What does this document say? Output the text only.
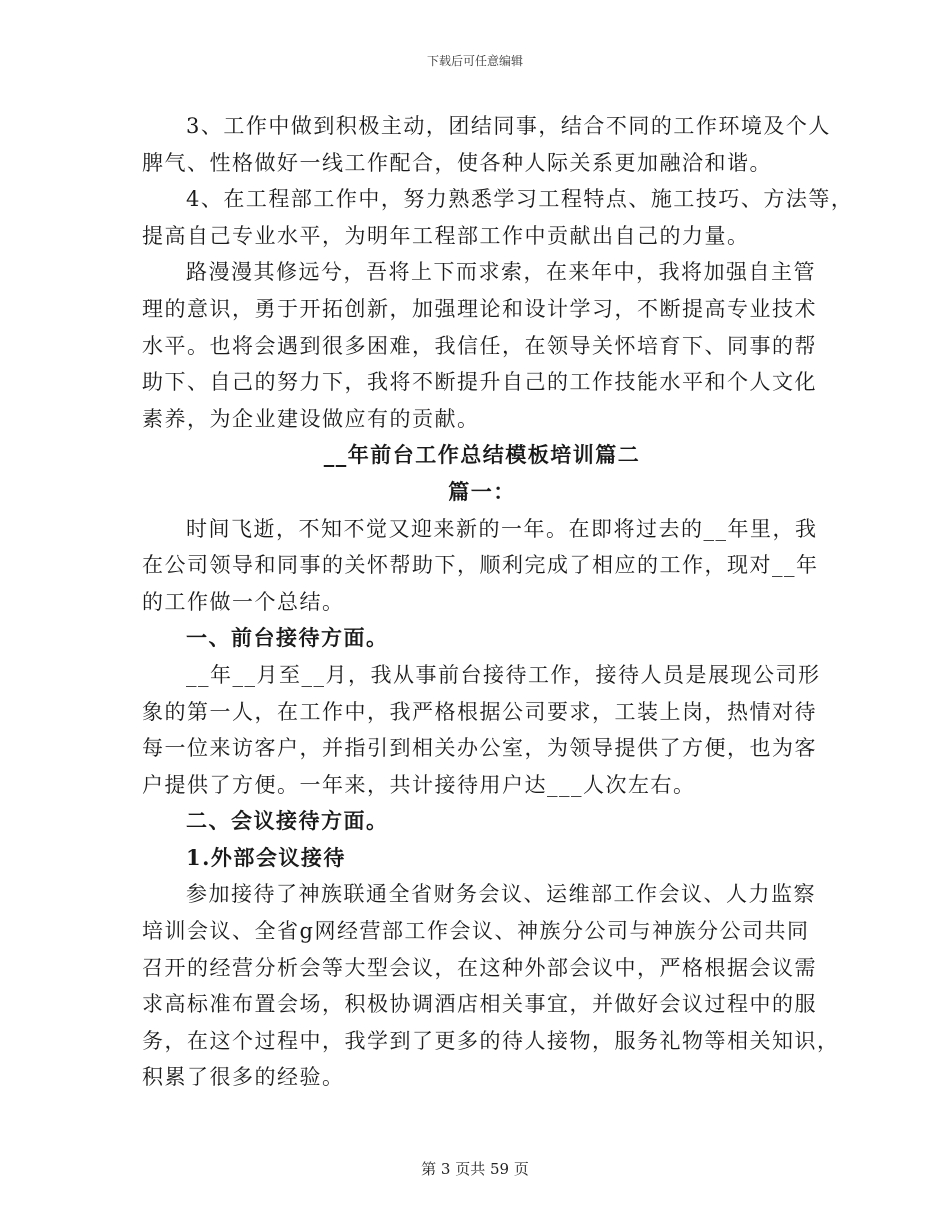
下载后可任意编辑
3、工作中做到积极主动，团结同事，结合不同的工作环境及个人
脾气、性格做好一线工作配合，使各种人际关系更加融洽和谐。
4、在工程部工作中，努力熟悉学习工程特点、施工技巧、方法等，
提高自己专业水平，为明年工程部工作中贡献出自己的力量。
路漫漫其修远兮，吾将上下而求索，在来年中，我将加强自主管
理的意识，勇于开拓创新，加强理论和设计学习，不断提高专业技术
水平。也将会遇到很多困难，我信任，在领导关怀培育下、同事的帮
助下、自己的努力下，我将不断提升自己的工作技能水平和个人文化
素养，为企业建设做应有的贡献。
__年前台工作总结模板培训篇二
篇一：
时间飞逝，不知不觉又迎来新的一年。在即将过去的__年里，我
在公司领导和同事的关怀帮助下，顺利完成了相应的工作，现对__年
的工作做一个总结。
一、前台接待方面。
__年__月至__月，我从事前台接待工作，接待人员是展现公司形
象的第一人，在工作中，我严格根据公司要求，工装上岗，热情对待
每一位来访客户，并指引到相关办公室，为领导提供了方便，也为客
户提供了方便。一年来，共计接待用户达___人次左右。
二、会议接待方面。
1.外部会议接待
参加接待了神族联通全省财务会议、运维部工作会议、人力监察
培训会议、全省g网经营部工作会议、神族分公司与神族分公司共同
召开的经营分析会等大型会议，在这种外部会议中，严格根据会议需
求高标准布置会场，积极协调酒店相关事宜，并做好会议过程中的服
务，在这个过程中，我学到了更多的待人接物，服务礼物等相关知识，
积累了很多的经验。
第 3 页共 59 页
